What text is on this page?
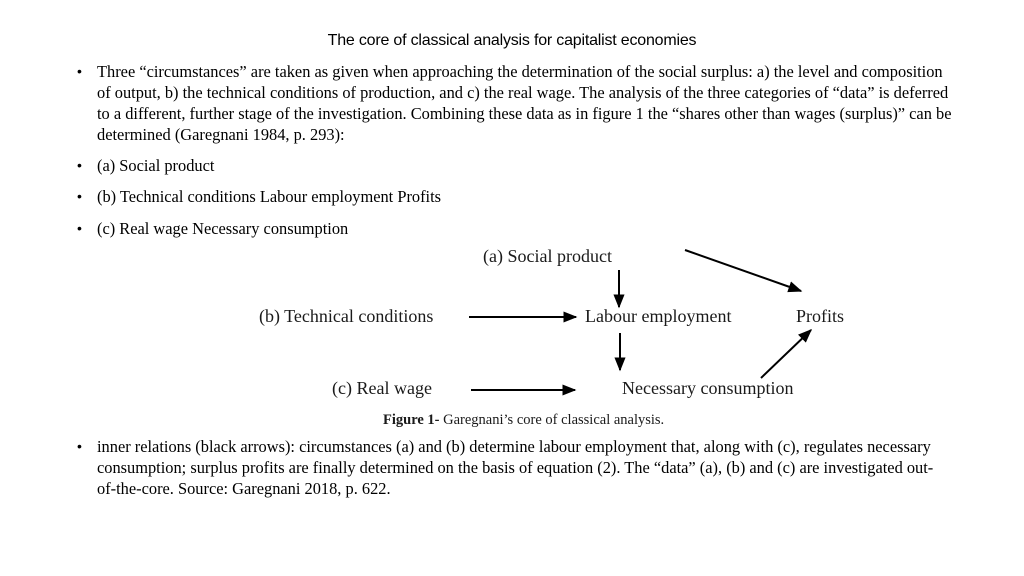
The core of classical analysis for capitalist economies
• Three “circumstances” are taken as given when approaching the determination of the social surplus: a) the level and composition of output, b) the technical conditions of production, and c) the real wage. The analysis of the three categories of “data” is deferred to a different, further stage of the investigation. Combining these data as in figure 1 the “shares other than wages (surplus)” can be determined (Garegnani 1984, p. 293):
• (a) Social product
• (b) Technical conditions Labour employment Profits
• (c) Real wage Necessary consumption
(a) Social product
(b) Technical conditions	Labour employment	Profits
(c) Real wage	Necessary consumption
Figure 1- Garegnani’s core of classical analysis.
• inner relations (black arrows): circumstances (a) and (b) determine labour employment that, along with (c), regulates necessary consumption; surplus profits are finally determined on the basis of equation (2). The “data” (a), (b) and (c) are investigated out-of-the-core. Source: Garegnani 2018, p. 622.
